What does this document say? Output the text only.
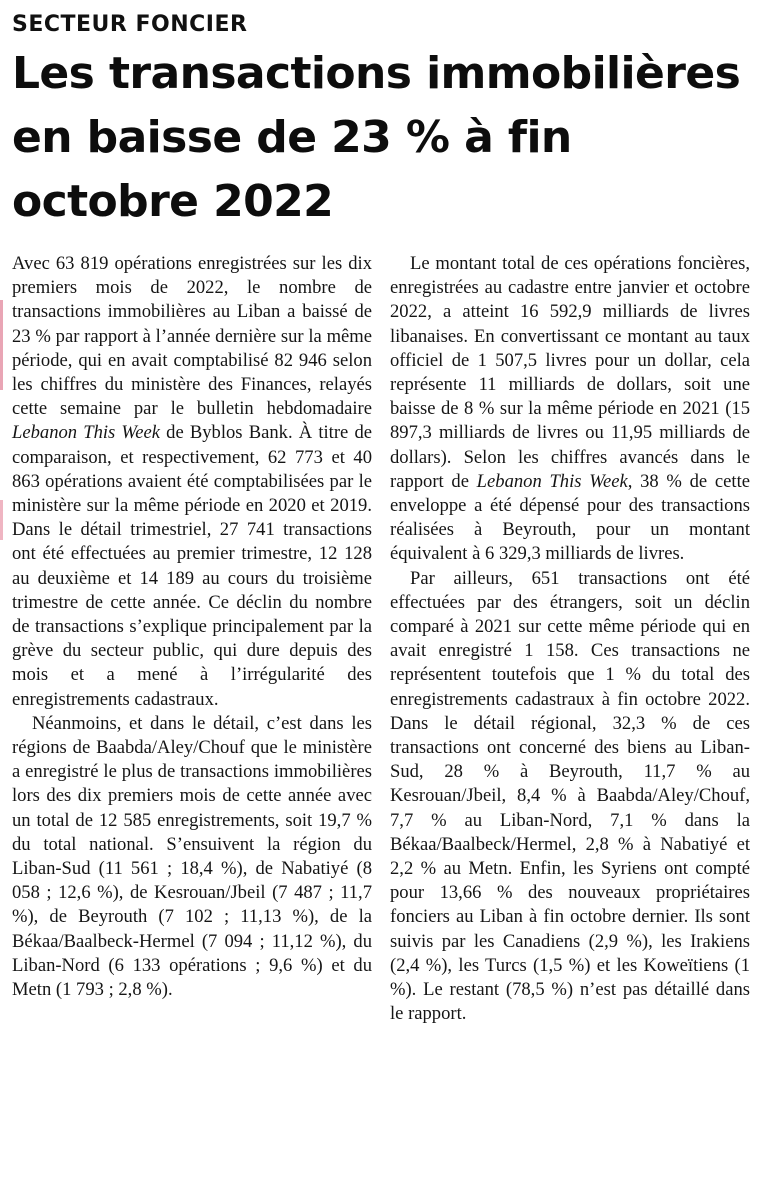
SECTEUR FONCIER
Les transactions immobilières en baisse de 23 % à fin octobre 2022

Avec 63 819 opérations enregistrées sur les dix premiers mois de 2022, le nombre de transactions immobilières au Liban a baissé de 23 % par rapport à l’année dernière sur la même période, qui en avait comptabilisé 82 946 selon les chiffres du ministère des Finances, relayés cette semaine par le bulletin hebdomadaire Lebanon This Week de Byblos Bank. À titre de comparaison, et respectivement, 62 773 et 40 863 opérations avaient été comptabilisées par le ministère sur la même période en 2020 et 2019. Dans le détail trimestriel, 27 741 transactions ont été effectuées au premier trimestre, 12 128 au deuxième et 14 189 au cours du troisième trimestre de cette année. Ce déclin du nombre de transactions s’explique principalement par la grève du secteur public, qui dure depuis des mois et a mené à l’irrégularité des enregistrements cadastraux.

Néanmoins, et dans le détail, c’est dans les régions de Baabda/Aley/Chouf que le ministère a enregistré le plus de transactions immobilières lors des dix premiers mois de cette année avec un total de 12 585 enregistrements, soit 19,7 % du total national. S’ensuivent la région du Liban-Sud (11 561 ; 18,4 %), de Nabatiyé (8 058 ; 12,6 %), de Kesrouan/Jbeil (7 487 ; 11,7 %), de Beyrouth (7 102 ; 11,13 %), de la Békaa/Baalbeck-Hermel (7 094 ; 11,12 %), du Liban-Nord (6 133 opérations ; 9,6 %) et du Metn (1 793 ; 2,8 %).

Le montant total de ces opérations foncières, enregistrées au cadastre entre janvier et octobre 2022, a atteint 16 592,9 milliards de livres libanaises. En convertissant ce montant au taux officiel de 1 507,5 livres pour un dollar, cela représente 11 milliards de dollars, soit une baisse de 8 % sur la même période en 2021 (15 897,3 milliards de livres ou 11,95 milliards de dollars). Selon les chiffres avancés dans le rapport de Lebanon This Week, 38 % de cette enveloppe a été dépensé pour des transactions réalisées à Beyrouth, pour un montant équivalent à 6 329,3 milliards de livres.

Par ailleurs, 651 transactions ont été effectuées par des étrangers, soit un déclin comparé à 2021 sur cette même période qui en avait enregistré 1 158. Ces transactions ne représentent toutefois que 1 % du total des enregistrements cadastraux à fin octobre 2022. Dans le détail régional, 32,3 % de ces transactions ont concerné des biens au Liban-Sud, 28 % à Beyrouth, 11,7 % au Kesrouan/Jbeil, 8,4 % à Baabda/Aley/Chouf, 7,7 % au Liban-Nord, 7,1 % dans la Békaa/Baalbeck/Hermel, 2,8 % à Nabatiyé et 2,2 % au Metn. Enfin, les Syriens ont compté pour 13,66 % des nouveaux propriétaires fonciers au Liban à fin octobre dernier. Ils sont suivis par les Canadiens (2,9 %), les Irakiens (2,4 %), les Turcs (1,5 %) et les Koweïtiens (1 %). Le restant (78,5 %) n’est pas détaillé dans le rapport.
